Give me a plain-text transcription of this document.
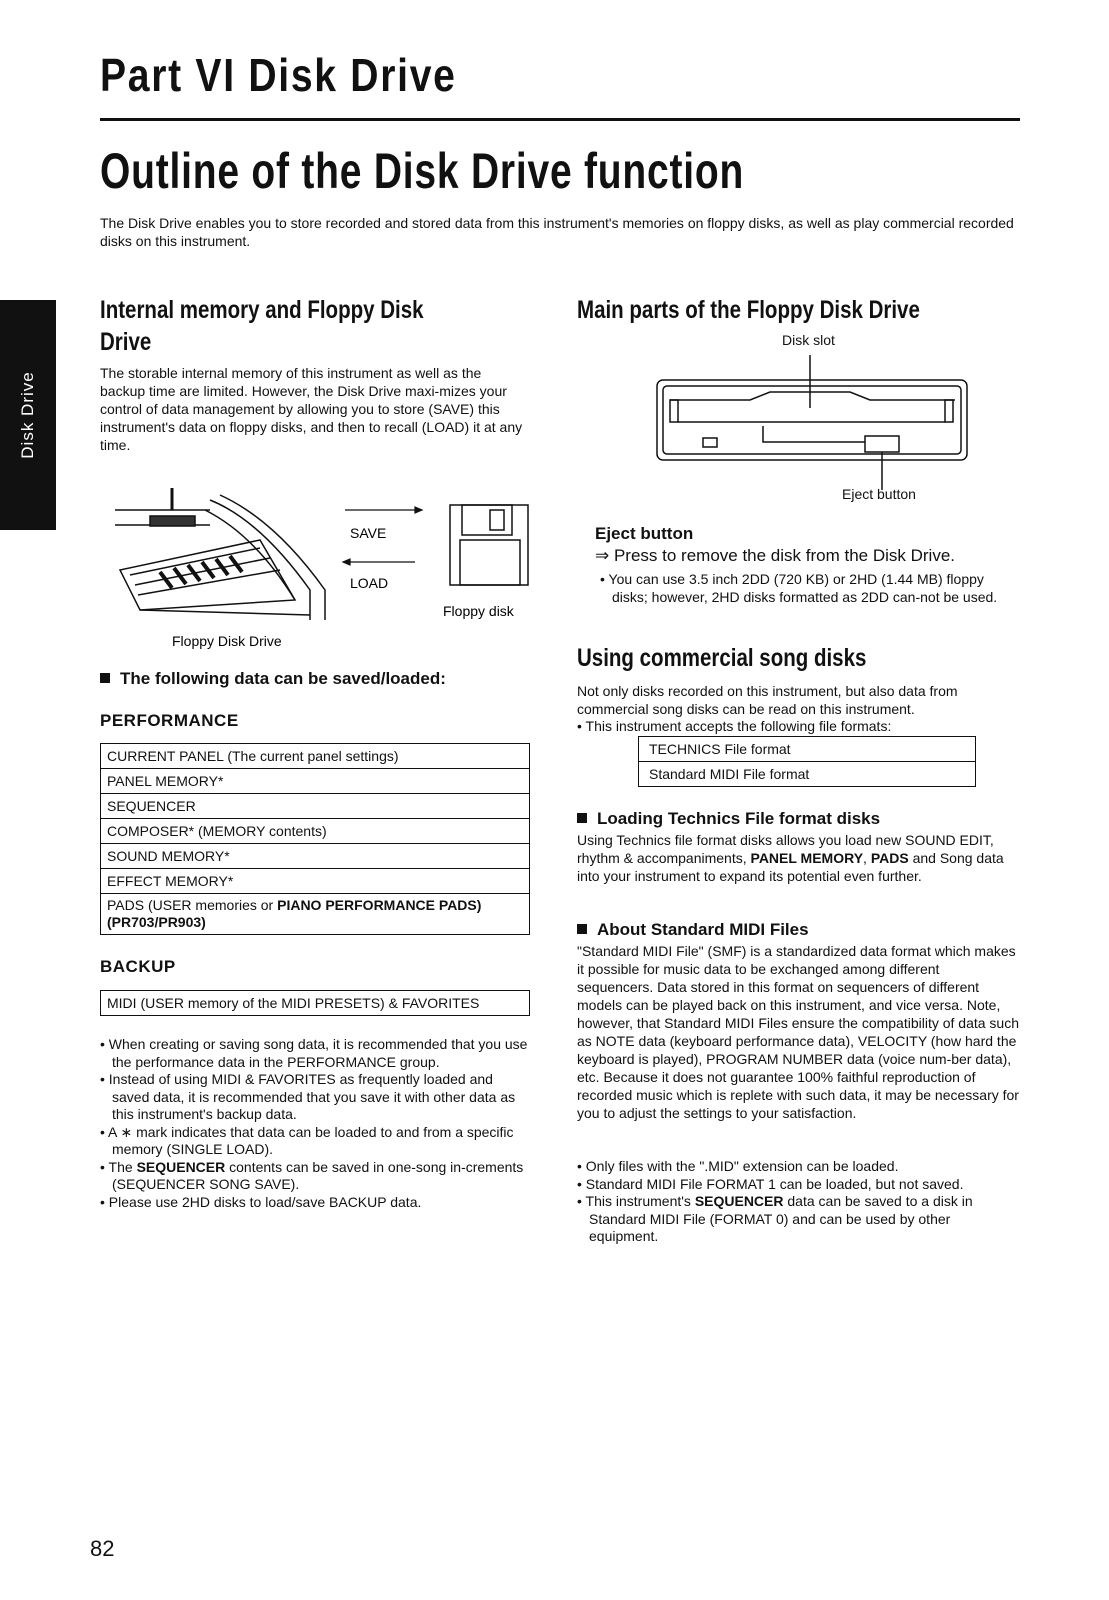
Part VI Disk Drive
Outline of the Disk Drive function
The Disk Drive enables you to store recorded and stored data from this instrument's memories on floppy disks, as well as play commercial recorded disks on this instrument.
Disk Drive
Internal memory and Floppy Disk
Drive
The storable internal memory of this instrument as well as the backup time are limited. However, the Disk Drive maxi-mizes your control of data management by allowing you to store (SAVE) this instrument's data on floppy disks, and then to recall (LOAD) it at any time.
SAVE
LOAD
Floppy disk
Floppy Disk Drive
The following data can be saved/loaded:
PERFORMANCE
CURRENT PANEL (The current panel settings)
PANEL MEMORY*
SEQUENCER
COMPOSER* (MEMORY contents)
SOUND MEMORY*
EFFECT MEMORY*
PADS (USER memories or PIANO PERFORMANCE PADS)
(PR703/PR903)
BACKUP
MIDI (USER memory of the MIDI PRESETS) & FAVORITES
• When creating or saving song data, it is recommended that you use the performance data in the PERFORMANCE group.
• Instead of using MIDI & FAVORITES as frequently loaded and saved data, it is recommended that you save it with other data as this instrument's backup data.
• A ∗ mark indicates that data can be loaded to and from a specific memory (SINGLE LOAD).
• The SEQUENCER contents can be saved in one-song in-crements (SEQUENCER SONG SAVE).
• Please use 2HD disks to load/save BACKUP data.
Main parts of the Floppy Disk Drive
Disk slot
Eject button
Eject button
⇒ Press to remove the disk from the Disk Drive.
• You can use 3.5 inch 2DD (720 KB) or 2HD (1.44 MB) floppy disks; however, 2HD disks formatted as 2DD can-not be used.
Using commercial song disks
Not only disks recorded on this instrument, but also data from commercial song disks can be read on this instrument.
• This instrument accepts the following file formats:
TECHNICS File format
Standard MIDI File format
Loading Technics File format disks
Using Technics file format disks allows you load new SOUND EDIT, rhythm & accompaniments, PANEL MEMORY, PADS and Song data into your instrument to expand its potential even further.
About Standard MIDI Files
"Standard MIDI File" (SMF) is a standardized data format which makes it possible for music data to be exchanged among different sequencers. Data stored in this format on sequencers of different models can be played back on this instrument, and vice versa. Note, however, that Standard MIDI Files ensure the compatibility of data such as NOTE data (keyboard performance data), VELOCITY (how hard the keyboard is played), PROGRAM NUMBER data (voice num-ber data), etc. Because it does not guarantee 100% faithful reproduction of recorded music which is replete with such data, it may be necessary for you to adjust the settings to your satisfaction.
• Only files with the ".MID" extension can be loaded.
• Standard MIDI File FORMAT 1 can be loaded, but not saved.
• This instrument's SEQUENCER data can be saved to a disk in Standard MIDI File (FORMAT 0) and can be used by other equipment.
82
